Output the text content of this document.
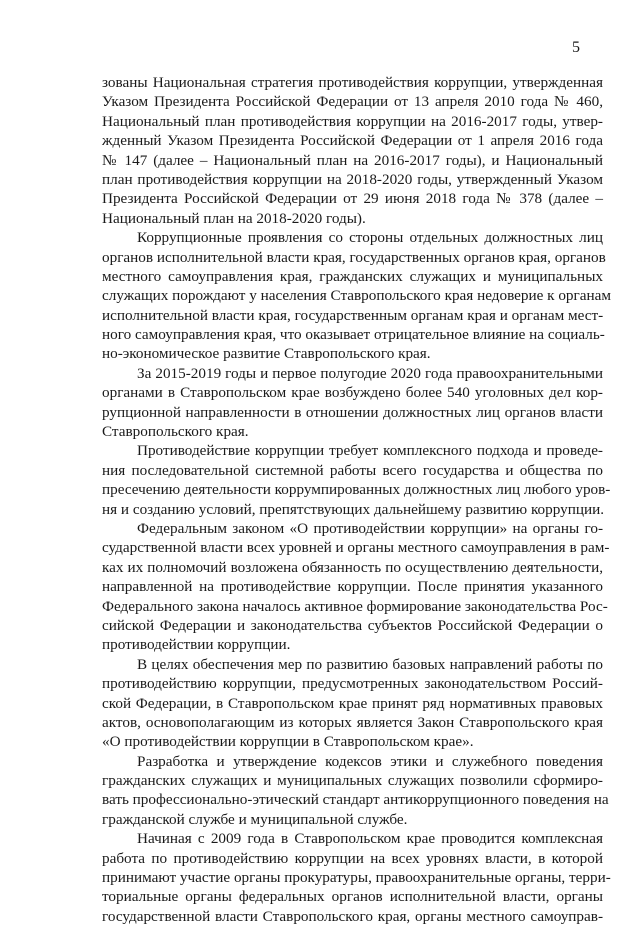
5
зованы Национальная стратегия противодействия коррупции, утвержденная
Указом Президента Российской Федерации от 13 апреля 2010 года № 460,
Национальный план противодействия коррупции на 2016-2017 годы, утвер-
жденный Указом Президента Российской Федерации от 1 апреля 2016 года
№ 147 (далее – Национальный план на 2016-2017 годы), и Национальный
план противодействия коррупции на 2018-2020 годы, утвержденный Указом
Президента Российской Федерации от 29 июня 2018 года № 378 (далее –
Национальный план на 2018-2020 годы).
Коррупционные проявления со стороны отдельных должностных лиц
органов исполнительной власти края, государственных органов края, органов
местного самоуправления края, гражданских служащих и муниципальных
служащих порождают у населения Ставропольского края недоверие к органам
исполнительной власти края, государственным органам края и органам мест-
ного самоуправления края, что оказывает отрицательное влияние на социаль-
но-экономическое развитие Ставропольского края.
За 2015-2019 годы и первое полугодие 2020 года правоохранительными
органами в Ставропольском крае возбуждено более 540 уголовных дел кор-
рупционной направленности в отношении должностных лиц органов власти
Ставропольского края.
Противодействие коррупции требует комплексного подхода и проведе-
ния последовательной системной работы всего государства и общества по
пресечению деятельности коррумпированных должностных лиц любого уров-
ня и созданию условий, препятствующих дальнейшему развитию коррупции.
Федеральным законом «О противодействии коррупции» на органы го-
сударственной власти всех уровней и органы местного самоуправления в рам-
ках их полномочий возложена обязанность по осуществлению деятельности,
направленной на противодействие коррупции. После принятия указанного
Федерального закона началось активное формирование законодательства Рос-
сийской Федерации и законодательства субъектов Российской Федерации о
противодействии коррупции.
В целях обеспечения мер по развитию базовых направлений работы по
противодействию коррупции, предусмотренных законодательством Россий-
ской Федерации, в Ставропольском крае принят ряд нормативных правовых
актов, основополагающим из которых является Закон Ставропольского края
«О противодействии коррупции в Ставропольском крае».
Разработка и утверждение кодексов этики и служебного поведения
гражданских служащих и муниципальных служащих позволили сформиро-
вать профессионально-этический стандарт антикоррупционного поведения на
гражданской службе и муниципальной службе.
Начиная с 2009 года в Ставропольском крае проводится комплексная
работа по противодействию коррупции на всех уровнях власти, в которой
принимают участие органы прокуратуры, правоохранительные органы, терри-
ториальные органы федеральных органов исполнительной власти, органы
государственной власти Ставропольского края, органы местного самоуправ-
